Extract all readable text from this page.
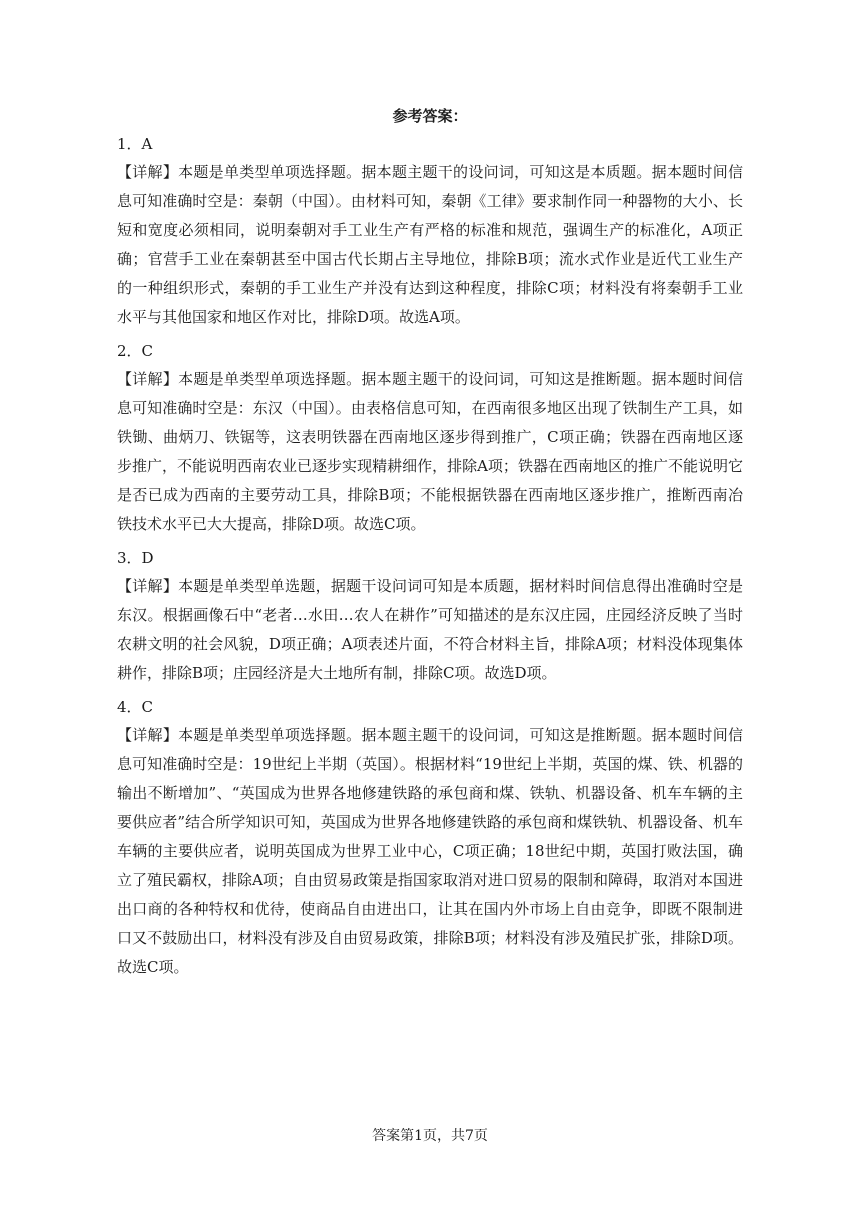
参考答案：

1．A

【详解】本题是单类型单项选择题。据本题主题干的设问词，可知这是本质题。据本题时间信息可知准确时空是：秦朝（中国）。由材料可知，秦朝《工律》要求制作同一种器物的大小、长短和宽度必须相同，说明秦朝对手工业生产有严格的标准和规范，强调生产的标准化，A项正确；官营手工业在秦朝甚至中国古代长期占主导地位，排除B项；流水式作业是近代工业生产的一种组织形式，秦朝的手工业生产并没有达到这种程度，排除C项；材料没有将秦朝手工业水平与其他国家和地区作对比，排除D项。故选A项。

2．C

【详解】本题是单类型单项选择题。据本题主题干的设问词，可知这是推断题。据本题时间信息可知准确时空是：东汉（中国）。由表格信息可知，在西南很多地区出现了铁制生产工具，如铁锄、曲炳刀、铁锯等，这表明铁器在西南地区逐步得到推广，C项正确；铁器在西南地区逐步推广，不能说明西南农业已逐步实现精耕细作，排除A项；铁器在西南地区的推广不能说明它是否已成为西南的主要劳动工具，排除B项；不能根据铁器在西南地区逐步推广，推断西南冶铁技术水平已大大提高，排除D项。故选C项。

3．D

【详解】本题是单类型单选题，据题干设问词可知是本质题，据材料时间信息得出准确时空是东汉。根据画像石中“老者…水田…农人在耕作”可知描述的是东汉庄园，庄园经济反映了当时农耕文明的社会风貌，D项正确；A项表述片面，不符合材料主旨，排除A项；材料没体现集体耕作，排除B项；庄园经济是大土地所有制，排除C项。故选D项。

4．C

【详解】本题是单类型单项选择题。据本题主题干的设问词，可知这是推断题。据本题时间信息可知准确时空是：19世纪上半期（英国）。根据材料“19世纪上半期，英国的煤、铁、机器的输出不断增加”、“英国成为世界各地修建铁路的承包商和煤、铁轨、机器设备、机车车辆的主要供应者”结合所学知识可知，英国成为世界各地修建铁路的承包商和煤铁轨、机器设备、机车车辆的主要供应者，说明英国成为世界工业中心，C项正确；18世纪中期，英国打败法国，确立了殖民霸权，排除A项；自由贸易政策是指国家取消对进口贸易的限制和障碍，取消对本国进出口商的各种特权和优待，使商品自由进出口，让其在国内外市场上自由竞争，即既不限制进口又不鼓励出口，材料没有涉及自由贸易政策，排除B项；材料没有涉及殖民扩张，排除D项。故选C项。

答案第1页，共7页
